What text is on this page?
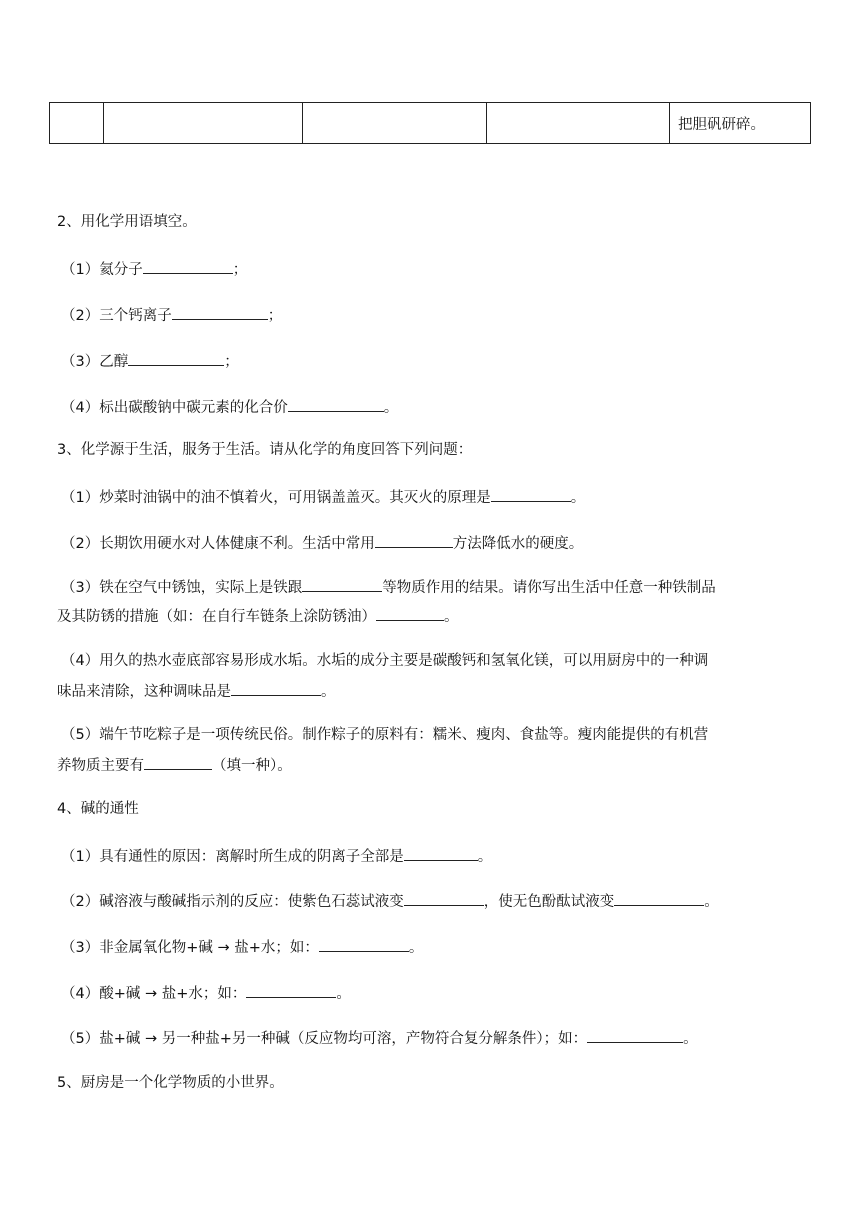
				把胆矾研碎。
2、用化学用语填空。
（1）氦分子	；
（2）三个钙离子	；
（3）乙醇	；
（4）标出碳酸钠中碳元素的化合价	。
3、化学源于生活，服务于生活。请从化学的角度回答下列问题：
（1）炒菜时油锅中的油不慎着火，可用锅盖盖灭。其灭火的原理是	。
（2）长期饮用硬水对人体健康不利。生活中常用	方法降低水的硬度。
（3）铁在空气中锈蚀，实际上是铁跟	等物质作用的结果。请你写出生活中任意一种铁制品
及其防锈的措施（如：在自行车链条上涂防锈油）	。
（4）用久的热水壶底部容易形成水垢。水垢的成分主要是碳酸钙和氢氧化镁，可以用厨房中的一种调
味品来清除，这种调味品是	。
（5）端午节吃粽子是一项传统民俗。制作粽子的原料有：糯米、瘦肉、食盐等。瘦肉能提供的有机营
养物质主要有	（填一种）。
4、碱的通性
（1）具有通性的原因：离解时所生成的阴离子全部是	。
（2）碱溶液与酸碱指示剂的反应：使紫色石蕊试液变	，使无色酚酞试液变	。
（3）非金属氧化物+碱 → 盐+水；如：	。
（4）酸+碱 → 盐+水；如：	。
（5）盐+碱 → 另一种盐+另一种碱（反应物均可溶，产物符合复分解条件）；如：	。
5、厨房是一个化学物质的小世界。
